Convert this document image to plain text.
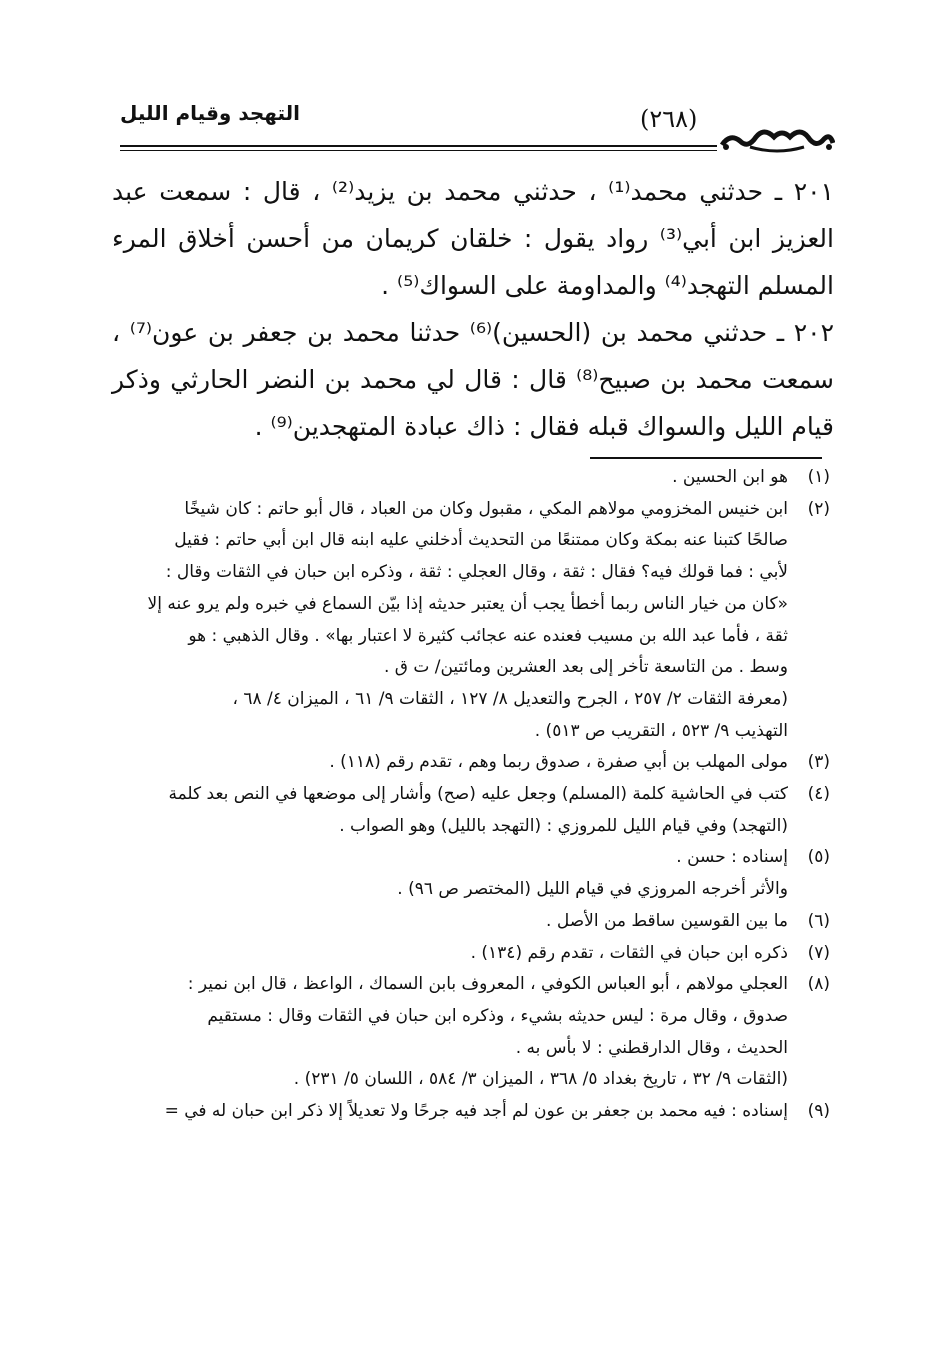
التهجد وقيام الليل	(٢٦٨)

٢٠١ ـ حدثني محمد⁽¹⁾ ، حدثني محمد بن يزيد⁽²⁾ ، قال : سمعت عبد العزيز ابن أبي⁽³⁾ رواد يقول : خلقان كريمان من أحسن أخلاق المرء المسلم التهجد⁽⁴⁾ والمداومة على السواك⁽⁵⁾ .

٢٠٢ ـ حدثني محمد بن (الحسين)⁽⁶⁾ حدثنا محمد بن جعفر بن عون⁽⁷⁾ ، سمعت محمد بن صبيح⁽⁸⁾ قال : قال لي محمد بن النضر الحارثي وذكر قيام الليل والسواك قبله فقال : ذاك عبادة المتهجدين⁽⁹⁾ .

(١)
هو ابن الحسين .
(٢)
ابن خنيس المخزومي مولاهم المكي ، مقبول وكان من العباد ، قال أبو حاتم : كان شيخًا
صالحًا كتبنا عنه بمكة وكان ممتنعًا من التحديث أدخلني عليه ابنه قال ابن أبي حاتم : فقيل
لأبي : فما قولك فيه؟ فقال : ثقة ، وقال العجلي : ثقة ، وذكره ابن حبان في الثقات وقال :
«كان من خيار الناس ربما أخطأ يجب أن يعتبر حديثه إذا بيّن السماع في خبره ولم يرو عنه إلا
ثقة ، فأما عبد الله بن مسيب فعنده عنه عجائب كثيرة لا اعتبار بها» . وقال الذهبي : هو
وسط . من التاسعة تأخر إلى بعد العشرين ومائتين/ ت ق .
(معرفة الثقات ٢/ ٢٥٧ ، الجرح والتعديل ٨/ ١٢٧ ، الثقات ٩/ ٦١ ، الميزان ٤/ ٦٨ ،
التهذيب ٩/ ٥٢٣ ، التقريب ص ٥١٣) .
(٣)
مولى المهلب بن أبي صفرة ، صدوق ربما وهم ، تقدم رقم (١١٨) .
(٤)
كتب في الحاشية كلمة (المسلم) وجعل عليه (صح) وأشار إلى موضعها في النص بعد كلمة
(التهجد) وفي قيام الليل للمروزي : (التهجد بالليل) وهو الصواب .
(٥)
إسناده : حسن .
والأثر أخرجه المروزي في قيام الليل (المختصر ص ٩٦) .
(٦)
ما بين القوسين ساقط من الأصل .
(٧)
ذكره ابن حبان في الثقات ، تقدم رقم (١٣٤) .
(٨)
العجلي مولاهم ، أبو العباس الكوفي ، المعروف بابن السماك ، الواعظ ، قال ابن نمير :
صدوق ، وقال مرة : ليس حديثه بشيء ، وذكره ابن حبان في الثقات وقال : مستقيم
الحديث ، وقال الدارقطني : لا بأس به .
(الثقات ٩/ ٣٢ ، تاريخ بغداد ٥/ ٣٦٨ ، الميزان ٣/ ٥٨٤ ، اللسان ٥/ ٢٣١) .
(٩)
إسناده : فيه محمد بن جعفر بن عون لم أجد فيه جرحًا ولا تعديلاً إلا ذكر ابن حبان له في =
